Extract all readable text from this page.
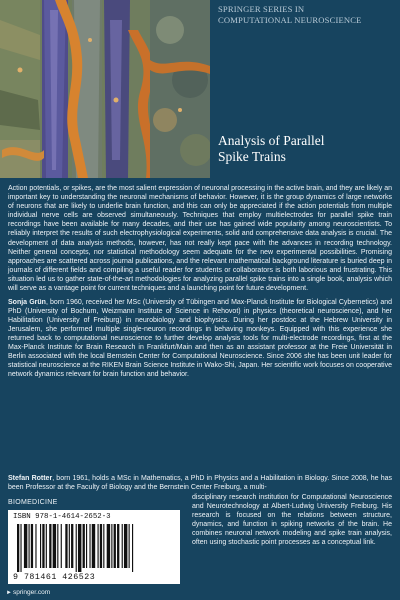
SPRINGER SERIES IN
COMPUTATIONAL NEUROSCIENCE
Analysis of Parallel
Spike Trains

Action potentials, or spikes, are the most salient expression of neuronal processing in the active brain, and they are likely an important key to understanding the neuronal mechanisms of behavior. However, it is the group dynamics of large networks of neurons that are likely to underlie brain function, and this can only be appreciated if the action potentials from multiple individual nerve cells are observed simultaneously. Techniques that employ multielectrodes for parallel spike train recordings have been available for many decades, and their use has gained wide popularity among neuroscientists. To reliably interpret the results of such electrophysiological experiments, solid and comprehensive data analysis is crucial. The development of data analysis methods, however, has not really kept pace with the advances in recording technology. Neither general concepts, nor statistical methodology seem adequate for the new experimental possibilities. Promising approaches are scattered across journal publications, and the relevant mathematical background literature is buried deep in journals of different fields and compiling a useful reader for students or collaborators is both laborious and frustrating. This situation led us to gather state-of-the-art methodologies for analyzing parallel spike trains into a single book, analysis which will serve as a vantage point for current techniques and a launching point for future development.

Sonja Grün, born 1960, received her MSc (University of Tübingen and Max-Planck Institute for Biological Cybernetics) and PhD (University of Bochum, Weizmann Institute of Science in Rehovot) in physics (theoretical neuroscience), and her Habilitation (University of Freiburg) in neurobiology and biophysics. During her postdoc at the Hebrew University in Jerusalem, she performed multiple single-neuron recordings in behaving monkeys. Equipped with this experience she returned back to computational neuroscience to further develop analysis tools for multi-electrode recordings, first at the Max-Planck Institute for Brain Research in Frankfurt/Main and then as an assistant professor at the Freie Universität in Berlin associated with the local Bernstein Center for Computational Neuroscience. Since 2006 she has been unit leader for statistical neuroscience at the RIKEN Brain Science Institute in Wako-Shi, Japan. Her scientific work focuses on cooperative network dynamics relevant for brain function and behavior.

Stefan Rotter, born 1961, holds a MSc in Mathematics, a PhD in Physics and a Habilitation in Biology. Since 2008, he has been Professor at the Faculty of Biology and the Bernstein Center Freiburg, a multi-
disciplinary research institution for Computational Neuroscience and Neurotechnology at Albert-Ludwig University Freiburg. His research is focused on the relations between structure, dynamics, and function in spiking networks of the brain. He combines neuronal network modeling and spike train analysis, often using stochastic point processes as a conceptual link.
BIOMEDICINE
ISBN 978-1-4614-2652-3
9 781461 426523
►springer.com
